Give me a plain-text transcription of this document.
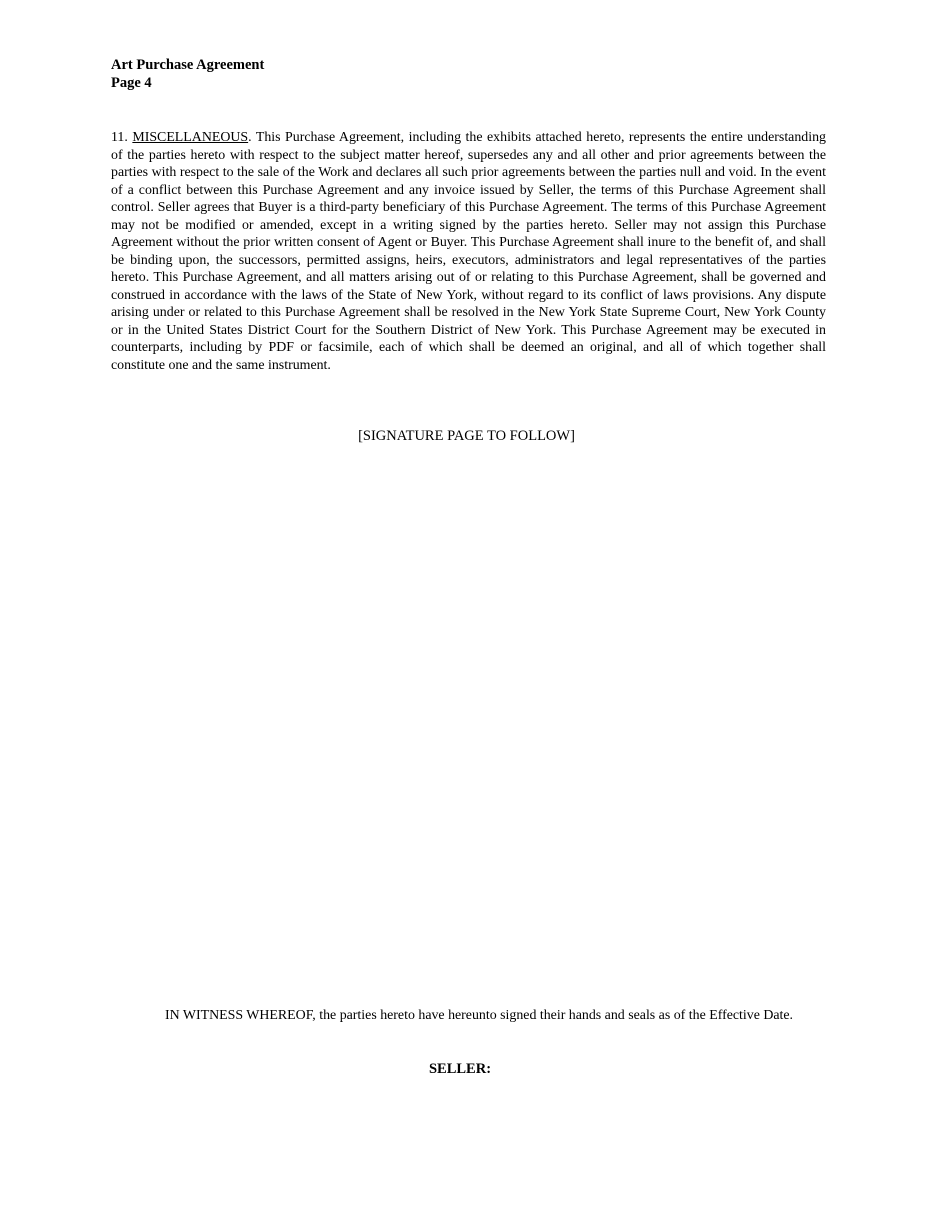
Art Purchase Agreement
Page 4
11. MISCELLANEOUS. This Purchase Agreement, including the exhibits attached hereto, represents the entire understanding of the parties hereto with respect to the subject matter hereof, supersedes any and all other and prior agreements between the parties with respect to the sale of the Work and declares all such prior agreements between the parties null and void. In the event of a conflict between this Purchase Agreement and any invoice issued by Seller, the terms of this Purchase Agreement shall control. Seller agrees that Buyer is a third-party beneficiary of this Purchase Agreement. The terms of this Purchase Agreement may not be modified or amended, except in a writing signed by the parties hereto. Seller may not assign this Purchase Agreement without the prior written consent of Agent or Buyer. This Purchase Agreement shall inure to the benefit of, and shall be binding upon, the successors, permitted assigns, heirs, executors, administrators and legal representatives of the parties hereto. This Purchase Agreement, and all matters arising out of or relating to this Purchase Agreement, shall be governed and construed in accordance with the laws of the State of New York, without regard to its conflict of laws provisions. Any dispute arising under or related to this Purchase Agreement shall be resolved in the New York State Supreme Court, New York County or in the United States District Court for the Southern District of New York. This Purchase Agreement may be executed in counterparts, including by PDF or facsimile, each of which shall be deemed an original, and all of which together shall constitute one and the same instrument.
[SIGNATURE PAGE TO FOLLOW]
IN WITNESS WHEREOF, the parties hereto have hereunto signed their hands and seals as of the Effective Date.
SELLER:
